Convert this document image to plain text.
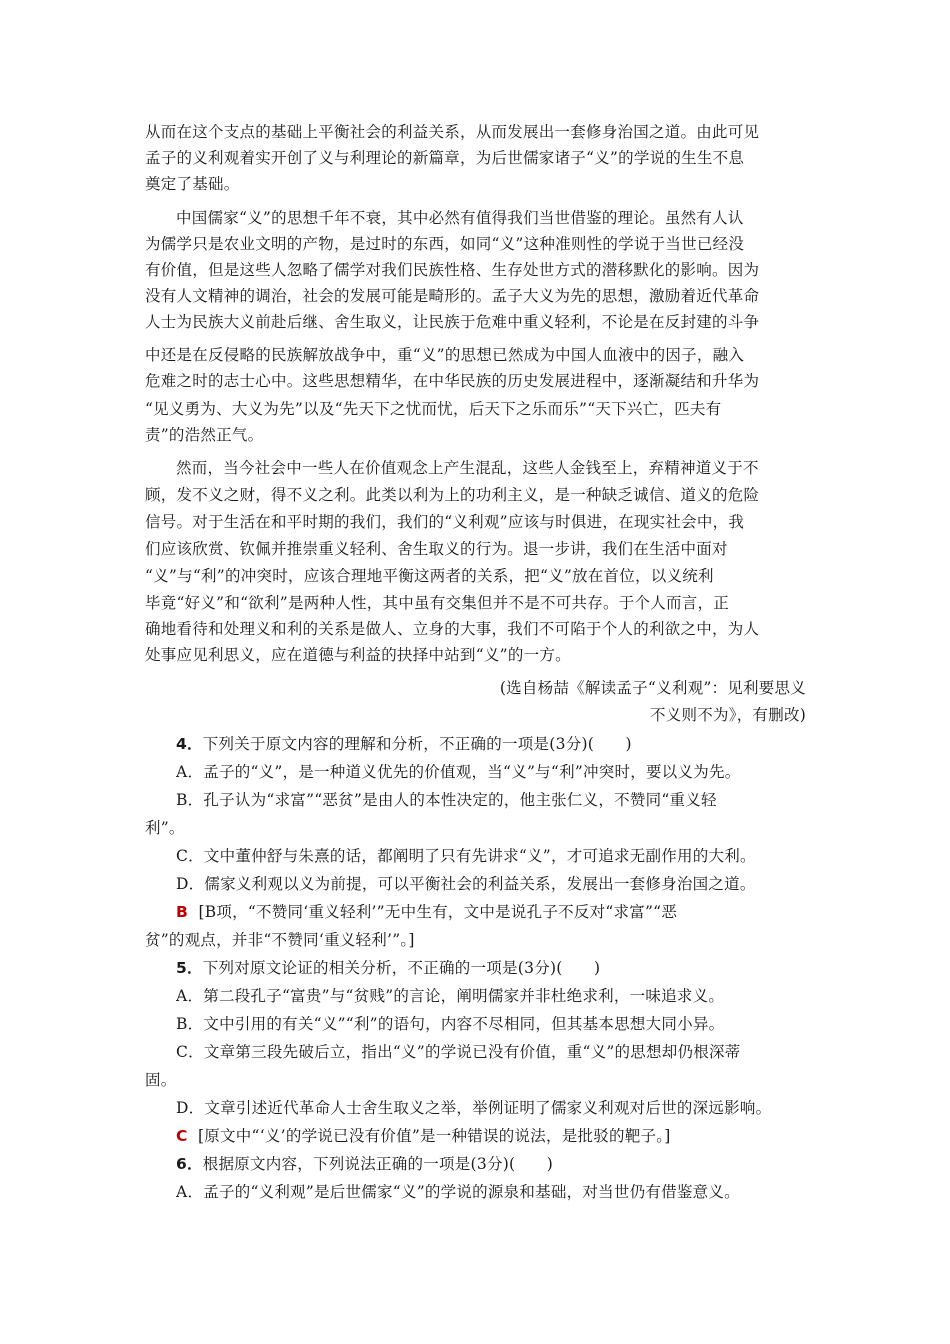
从而在这个支点的基础上平衡社会的利益关系，从而发展出一套修身治国之道。由此可见
孟子的义利观着实开创了义与利理论的新篇章，为后世儒家诸子“义”的学说的生生不息
奠定了基础。
中国儒家“义”的思想千年不衰，其中必然有值得我们当世借鉴的理论。虽然有人认
为儒学只是农业文明的产物，是过时的东西，如同“义”这种准则性的学说于当世已经没
有价值，但是这些人忽略了儒学对我们民族性格、生存处世方式的潜移默化的影响。因为
没有人文精神的调治，社会的发展可能是畸形的。孟子大义为先的思想，激励着近代革命
人士为民族大义前赴后继、舍生取义，让民族于危难中重义轻利，不论是在反封建的斗争
中还是在反侵略的民族解放战争中，重“义”的思想已然成为中国人血液中的因子，融入
危难之时的志士心中。这些思想精华，在中华民族的历史发展进程中，逐渐凝结和升华为
“见义勇为、大义为先”以及“先天下之忧而忧，后天下之乐而乐”“天下兴亡，匹夫有
责”的浩然正气。
然而，当今社会中一些人在价值观念上产生混乱，这些人金钱至上，弃精神道义于不
顾，发不义之财，得不义之利。此类以利为上的功利主义，是一种缺乏诚信、道义的危险
信号。对于生活在和平时期的我们，我们的“义利观”应该与时俱进，在现实社会中，我
们应该欣赏、钦佩并推崇重义轻利、舍生取义的行为。退一步讲，我们在生活中面对
“义”与“利”的冲突时，应该合理地平衡这两者的关系，把“义”放在首位，以义统利
毕竟“好义”和“欲利”是两种人性，其中虽有交集但并不是不可共存。于个人而言，正
确地看待和处理义和利的关系是做人、立身的大事，我们不可陷于个人的利欲之中，为人
处事应见利思义，应在道德与利益的抉择中站到“义”的一方。
(选自杨喆《解读孟子“义利观”：见利要思义
不义则不为》，有删改)
4．下列关于原文内容的理解和分析，不正确的一项是(3分)(　　)
A．孟子的“义”，是一种道义优先的价值观，当“义”与“利”冲突时，要以义为先。
B．孔子认为“求富”“恶贫”是由人的本性决定的，他主张仁义，不赞同“重义轻
利”。
C．文中董仲舒与朱熹的话，都阐明了只有先讲求“义”，才可追求无副作用的大利。
D．儒家义利观以义为前提，可以平衡社会的利益关系，发展出一套修身治国之道。
B [B项，“不赞同‘重义轻利’”无中生有，文中是说孔子不反对“求富”“恶
贫”的观点，并非“不赞同‘重义轻利’”。]
5．下列对原文论证的相关分析，不正确的一项是(3分)(　　)
A．第二段孔子“富贵”与“贫贱”的言论，阐明儒家并非杜绝求利，一味追求义。
B．文中引用的有关“义”“利”的语句，内容不尽相同，但其基本思想大同小异。
C．文章第三段先破后立，指出“义”的学说已没有价值，重“义”的思想却仍根深蒂
固。
D．文章引述近代革命人士舍生取义之举，举例证明了儒家义利观对后世的深远影响。
C [原文中“‘义’的学说已没有价值”是一种错误的说法，是批驳的靶子。]
6．根据原文内容，下列说法正确的一项是(3分)(　　)
A．孟子的“义利观”是后世儒家“义”的学说的源泉和基础，对当世仍有借鉴意义。
